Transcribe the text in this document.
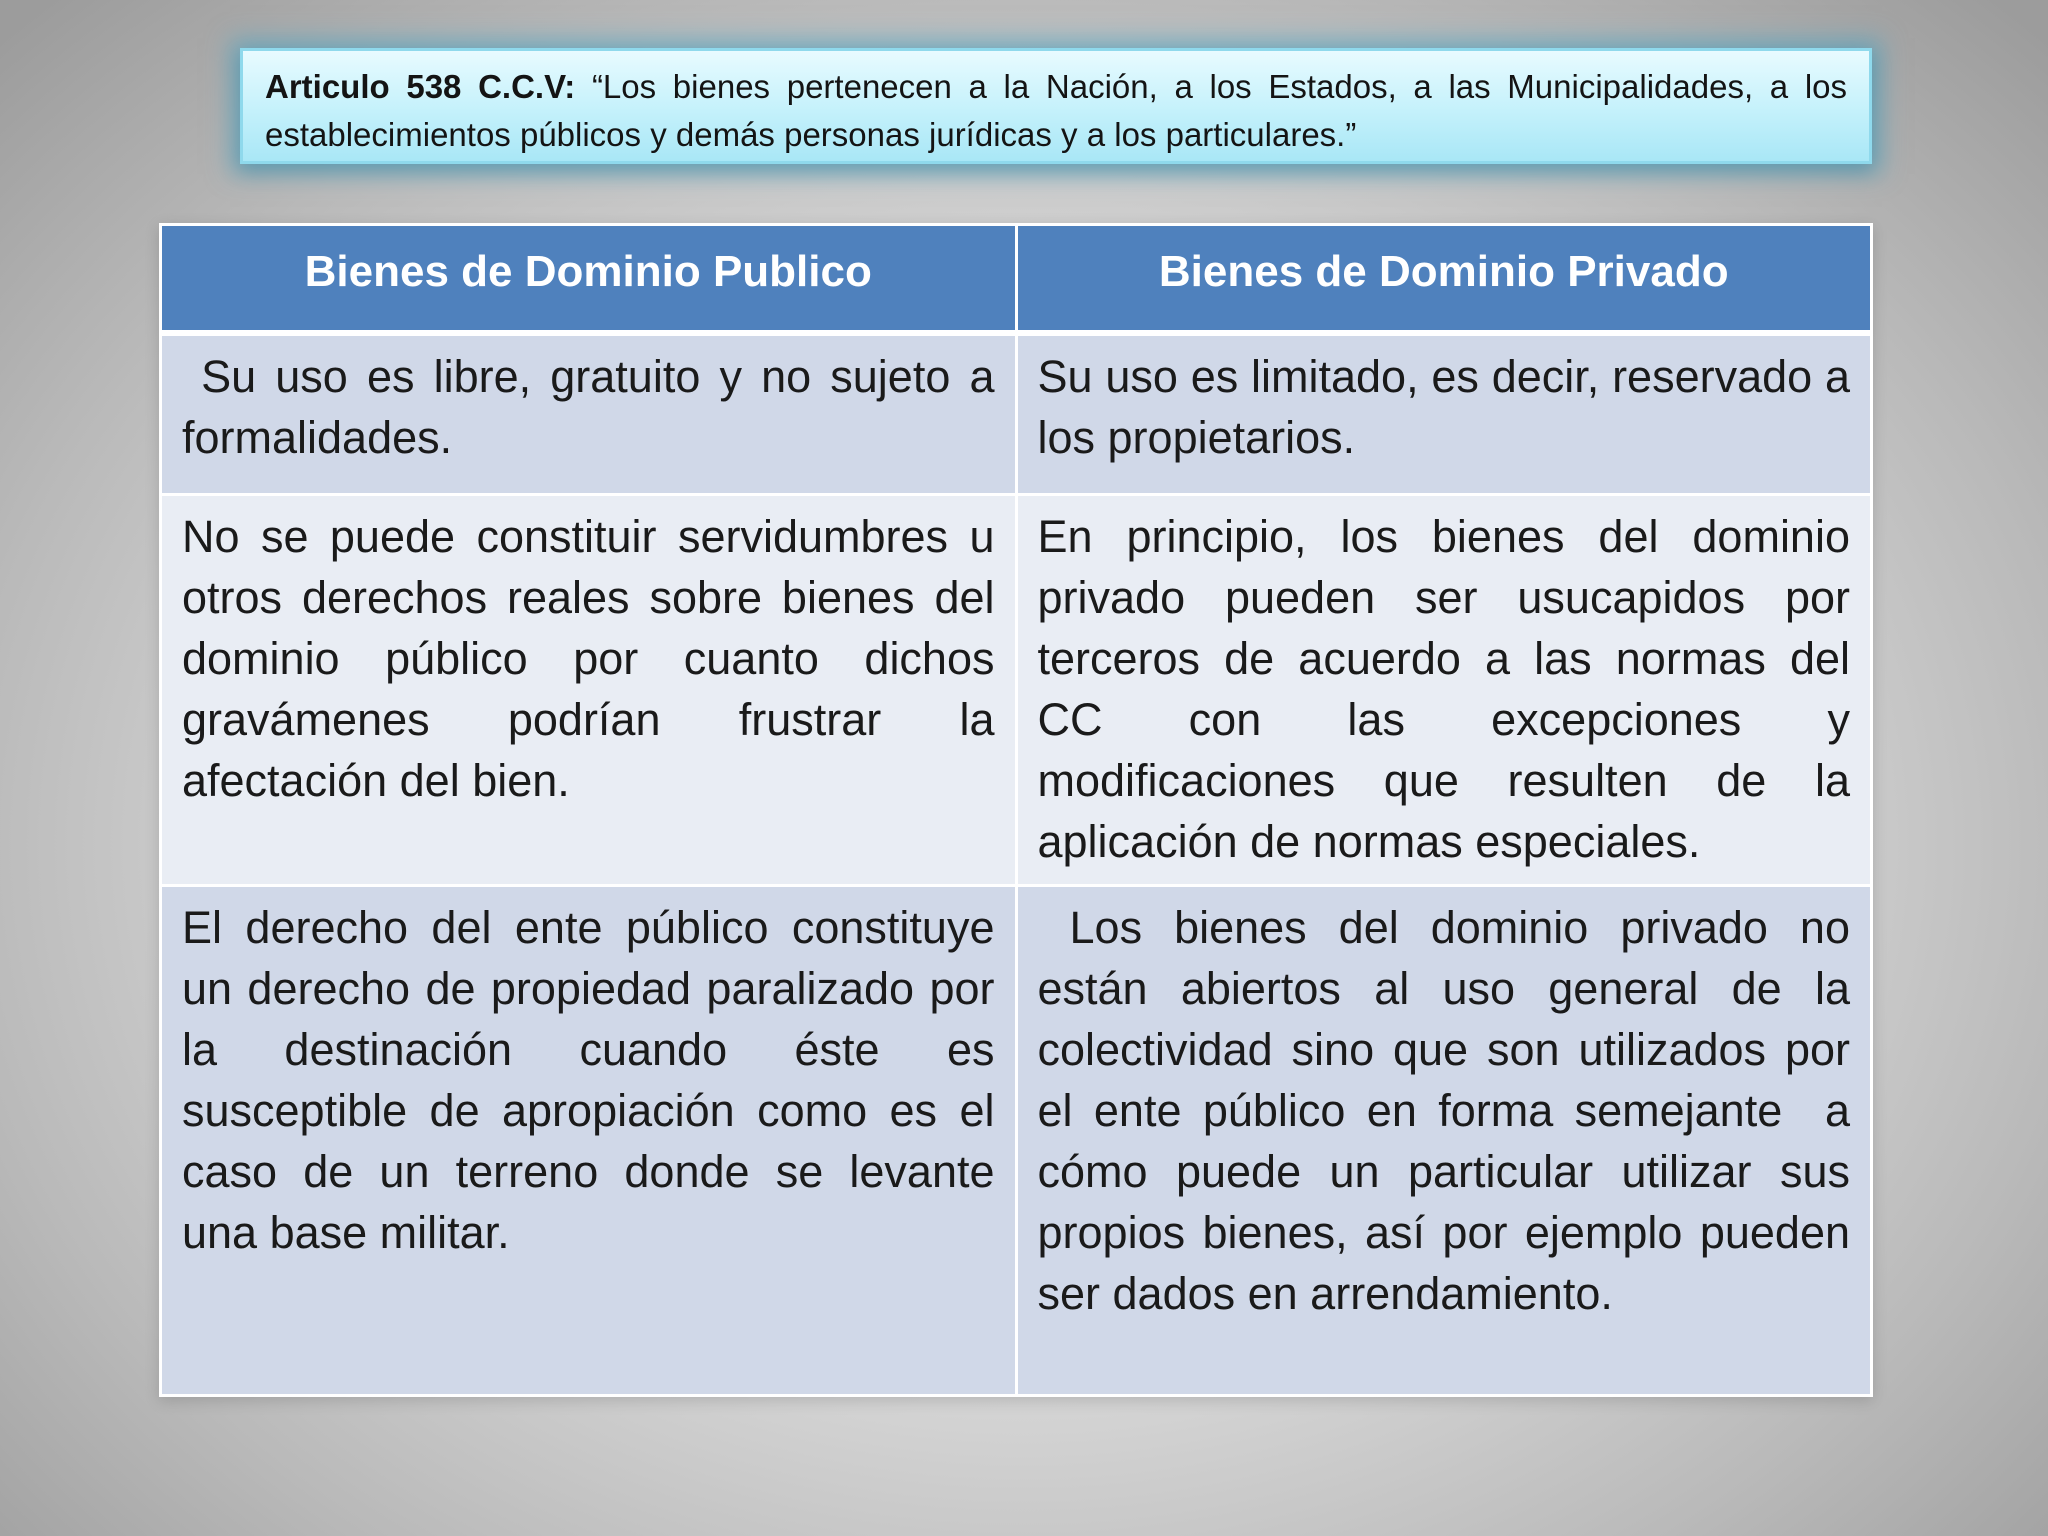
Articulo 538 C.C.V: “Los bienes pertenecen a la Nación, a los Estados, a las Municipalidades, a los establecimientos públicos y demás personas jurídicas y a los particulares.”
Bienes de Dominio Publico	Bienes de Dominio Privado
Su uso es libre, gratuito y no sujeto a formalidades.	Su uso es limitado, es decir, reservado a los propietarios.
No se puede constituir servidumbres u otros derechos reales sobre bienes del dominio público por cuanto dichos gravámenes podrían frustrar la afectación del bien.	En principio, los bienes del dominio privado pueden ser usucapidos por terceros de acuerdo a las normas del CC con las excepciones y modificaciones que resulten de la aplicación de normas especiales.
El derecho del ente público constituye un derecho de propiedad paralizado por la destinación cuando éste es susceptible de apropiación como es el caso de un terreno donde se levante una base militar.	Los bienes del dominio privado no están abiertos al uso general de la colectividad sino que son utilizados por el ente público en forma semejante  a cómo puede un particular utilizar sus propios bienes, así por ejemplo pueden ser dados en arrendamiento.
